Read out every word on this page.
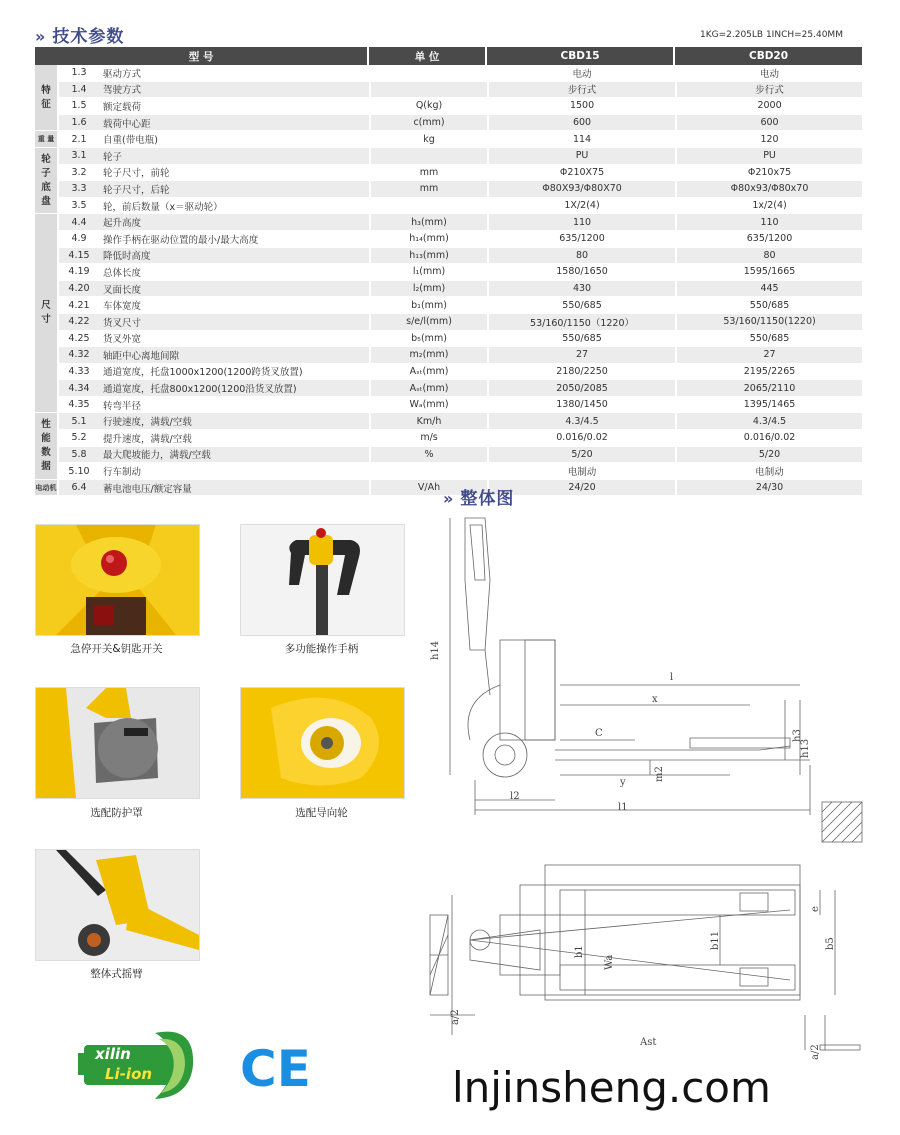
» 技术参数	1KG=2.205LB 1INCH=25.40MM
型 号			单 位	CBD15	CBD20
特 征	1.3	驱动方式		电动	电动
	1.4	驾驶方式		步行式	步行式
	1.5	额定载荷	Q(kg)	1500	2000
	1.6	载荷中心距	c(mm)	600	600
重 量	2.1	自重(带电瓶)	kg	114	120
轮 子 底 盘	3.1	轮子		PU	PU
	3.2	轮子尺寸，前轮	mm	Φ210X75	Φ210x75
	3.3	轮子尺寸，后轮	mm	Φ80X93/Φ80X70	Φ80x93/Φ80x70
	3.5	轮，前后数量（x＝驱动轮）		1X/2(4)	1x/2(4)
尺 寸	4.4	起升高度	h₃(mm)	110	110
	4.9	操作手柄在驱动位置的最小/最大高度	h₁₄(mm)	635/1200	635/1200
	4.15	降低时高度	h₁₃(mm)	80	80
	4.19	总体长度	l₁(mm)	1580/1650	1595/1665
	4.20	叉面长度	l₂(mm)	430	445
	4.21	车体宽度	b₁(mm)	550/685	550/685
	4.22	货叉尺寸	s/e/l(mm)	53/160/1150（1220）	53/160/1150(1220)
	4.25	货叉外宽	b₅(mm)	550/685	550/685
	4.32	轴距中心离地间隙	m₂(mm)	27	27
	4.33	通道宽度，托盘1000x1200(1200跨货叉放置)	Aₛₜ(mm)	2180/2250	2195/2265
	4.34	通道宽度，托盘800x1200(1200沿货叉放置)	Aₛₜ(mm)	2050/2085	2065/2110
	4.35	转弯半径	Wₐ(mm)	1380/1450	1395/1465
性 能 数 据	5.1	行驶速度，满载/空载	Km/h	4.3/4.5	4.3/4.5
	5.2	提升速度，满载/空载	m/s	0.016/0.02	0.016/0.02
	5.8	最大爬坡能力，满载/空载	%	5/20	5/20
	5.10	行车制动		电制动	电制动
电动机	6.4	蓄电池电压/额定容量	V/Ah	24/20	24/30
» 整体图
急停开关&钥匙开关	多功能操作手柄
选配防护罩	选配导向轮
整体式摇臂
xilin
Li-ion CE
h14
l
x
C
h13
h3
m2
y
l2
l1
e
b1
b11
Wa
b5
a/2
a/2
Ast
lnjinsheng.com
